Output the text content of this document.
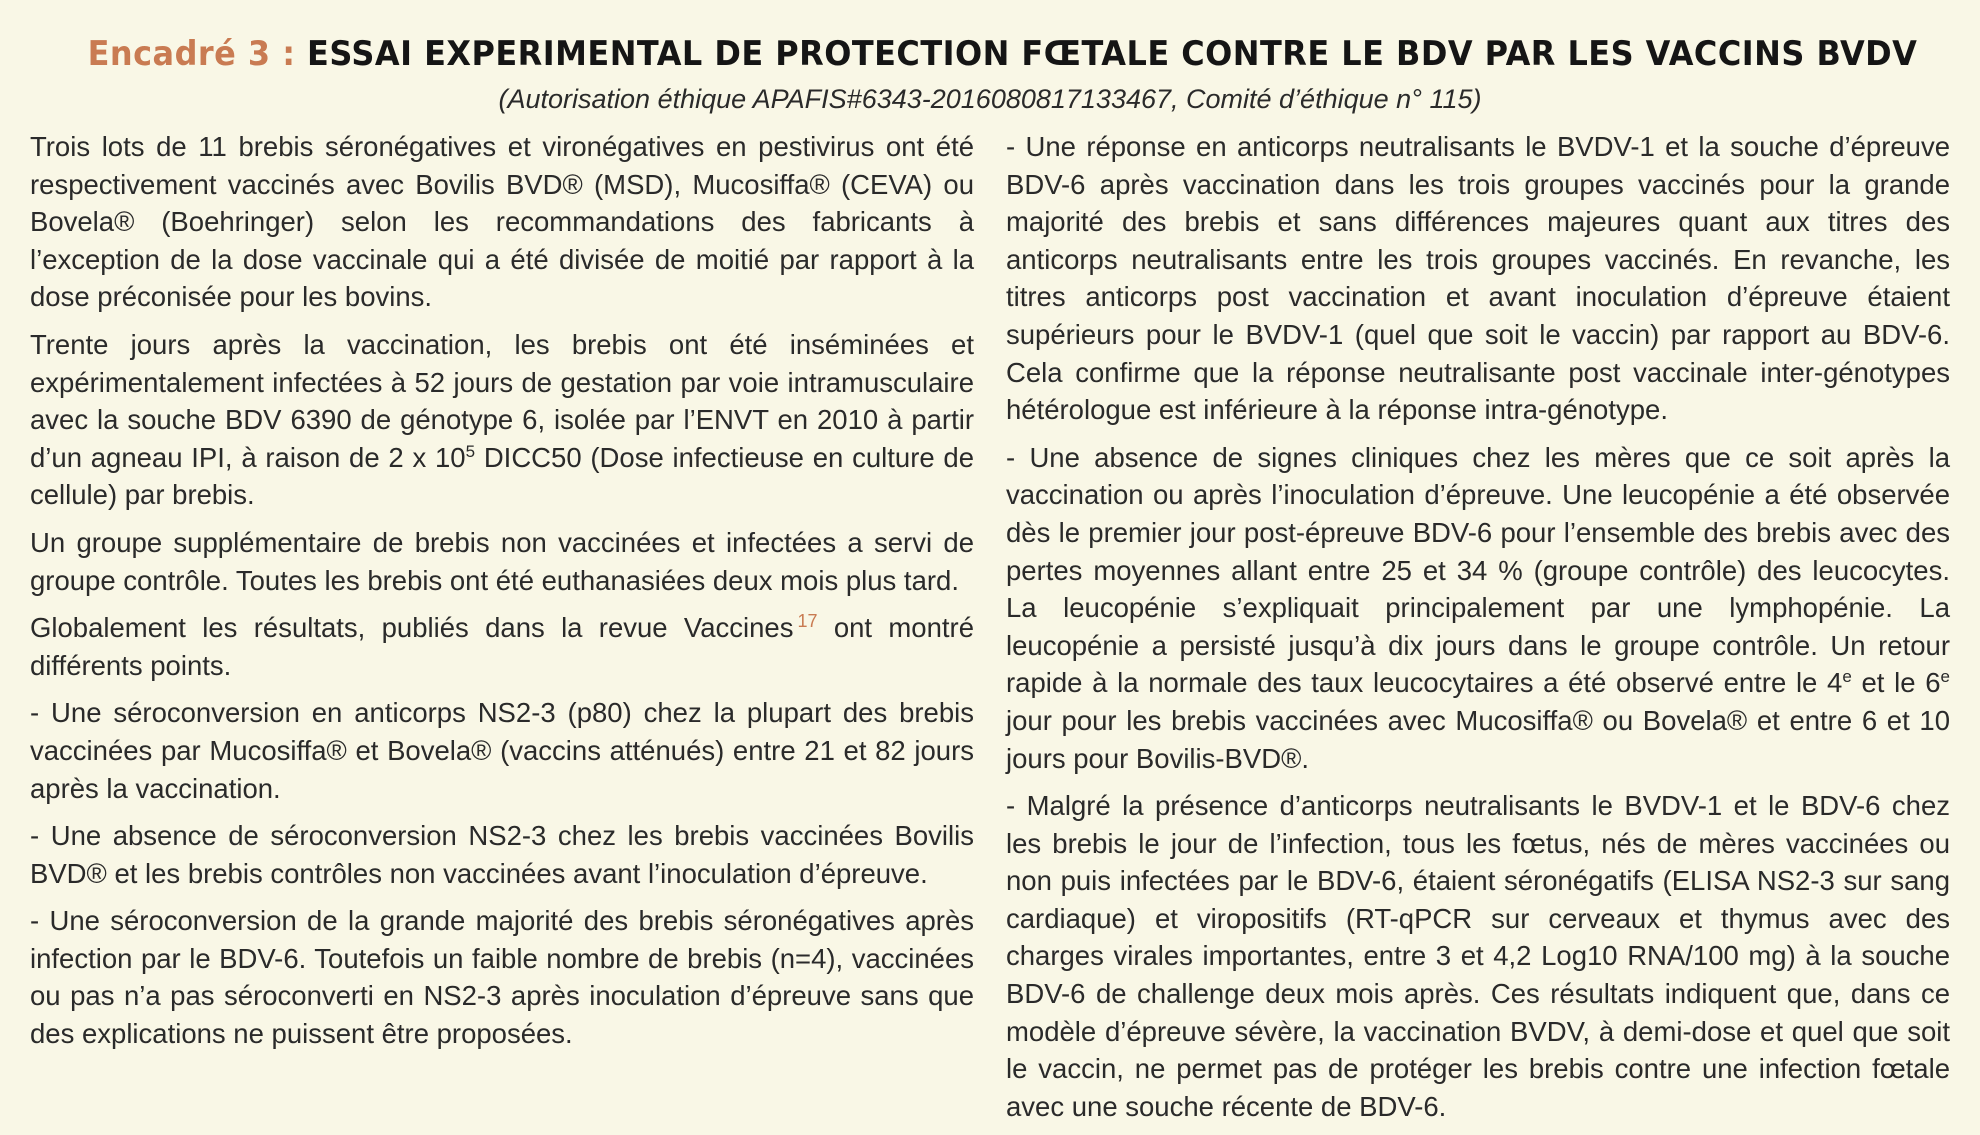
Encadré 3 : ESSAI EXPERIMENTAL DE PROTECTION FŒTALE CONTRE LE BDV PAR LES VACCINS BVDV
(Autorisation éthique APAFIS#6343-2016080817133467, Comité d’éthique n° 115)

Trois lots de 11 brebis séronégatives et vironégatives en pestivirus ont été respectivement vaccinés avec Bovilis BVD® (MSD), Mucosiffa® (CEVA) ou Bovela® (Boehringer) selon les recommandations des fabricants à l’exception de la dose vaccinale qui a été divisée de moitié par rapport à la dose préconisée pour les bovins.

Trente jours après la vaccination, les brebis ont été inséminées et expérimentalement infectées à 52 jours de gestation par voie intramusculaire avec la souche BDV 6390 de génotype 6, isolée par l’ENVT en 2010 à partir d’un agneau IPI, à raison de 2 x $10^5$ DICC50 (Dose infectieuse en culture de cellule) par brebis.

Un groupe supplémentaire de brebis non vaccinées et infectées a servi de groupe contrôle. Toutes les brebis ont été euthanasiées deux mois plus tard.

Globalement les résultats, publiés dans la revue Vaccines $^{17}$ ont montré différents points.

- Une séroconversion en anticorps NS2-3 (p80) chez la plupart des brebis vaccinées par Mucosiffa® et Bovela® (vaccins atténués) entre 21 et 82 jours après la vaccination.

- Une absence de séroconversion NS2-3 chez les brebis vaccinées Bovilis BVD® et les brebis contrôles non vaccinées avant l’inoculation d’épreuve.

- Une séroconversion de la grande majorité des brebis séronégatives après infection par le BDV-6. Toutefois un faible nombre de brebis (n=4), vaccinées ou pas n’a pas séroconverti en NS2-3 après inoculation d’épreuve sans que des explications ne puissent être proposées.

- Une réponse en anticorps neutralisants le BVDV-1 et la souche d’épreuve BDV-6 après vaccination dans les trois groupes vaccinés pour la grande majorité des brebis et sans différences majeures quant aux titres des anticorps neutralisants entre les trois groupes vaccinés. En revanche, les titres anticorps post vaccination et avant inoculation d’épreuve étaient supérieurs pour le BVDV-1 (quel que soit le vaccin) par rapport au BDV-6. Cela confirme que la réponse neutralisante post vaccinale inter-génotypes hétérologue est inférieure à la réponse intra-génotype.

- Une absence de signes cliniques chez les mères que ce soit après la vaccination ou après l’inoculation d’épreuve. Une leucopénie a été observée dès le premier jour post-épreuve BDV-6 pour l’ensemble des brebis avec des pertes moyennes allant entre 25 et 34 % (groupe contrôle) des leucocytes. La leucopénie s’expliquait principalement par une lymphopénie. La leucopénie a persisté jusqu’à dix jours dans le groupe contrôle. Un retour rapide à la normale des taux leucocytaires a été observé entre le 4e et le 6e jour pour les brebis vaccinées avec Mucosiffa® ou Bovela® et entre 6 et 10 jours pour Bovilis-BVD®.

- Malgré la présence d’anticorps neutralisants le BVDV-1 et le BDV-6 chez les brebis le jour de l’infection, tous les fœtus, nés de mères vaccinées ou non puis infectées par le BDV-6, étaient séronégatifs (ELISA NS2-3 sur sang cardiaque) et viropositifs (RT-qPCR sur cerveaux et thymus avec des charges virales importantes, entre 3 et 4,2 Log10 RNA/100 mg) à la souche BDV-6 de challenge deux mois après. Ces résultats indiquent que, dans ce modèle d’épreuve sévère, la vaccination BVDV, à demi-dose et quel que soit le vaccin, ne permet pas de protéger les brebis contre une infection fœtale avec une souche récente de BDV-6.
